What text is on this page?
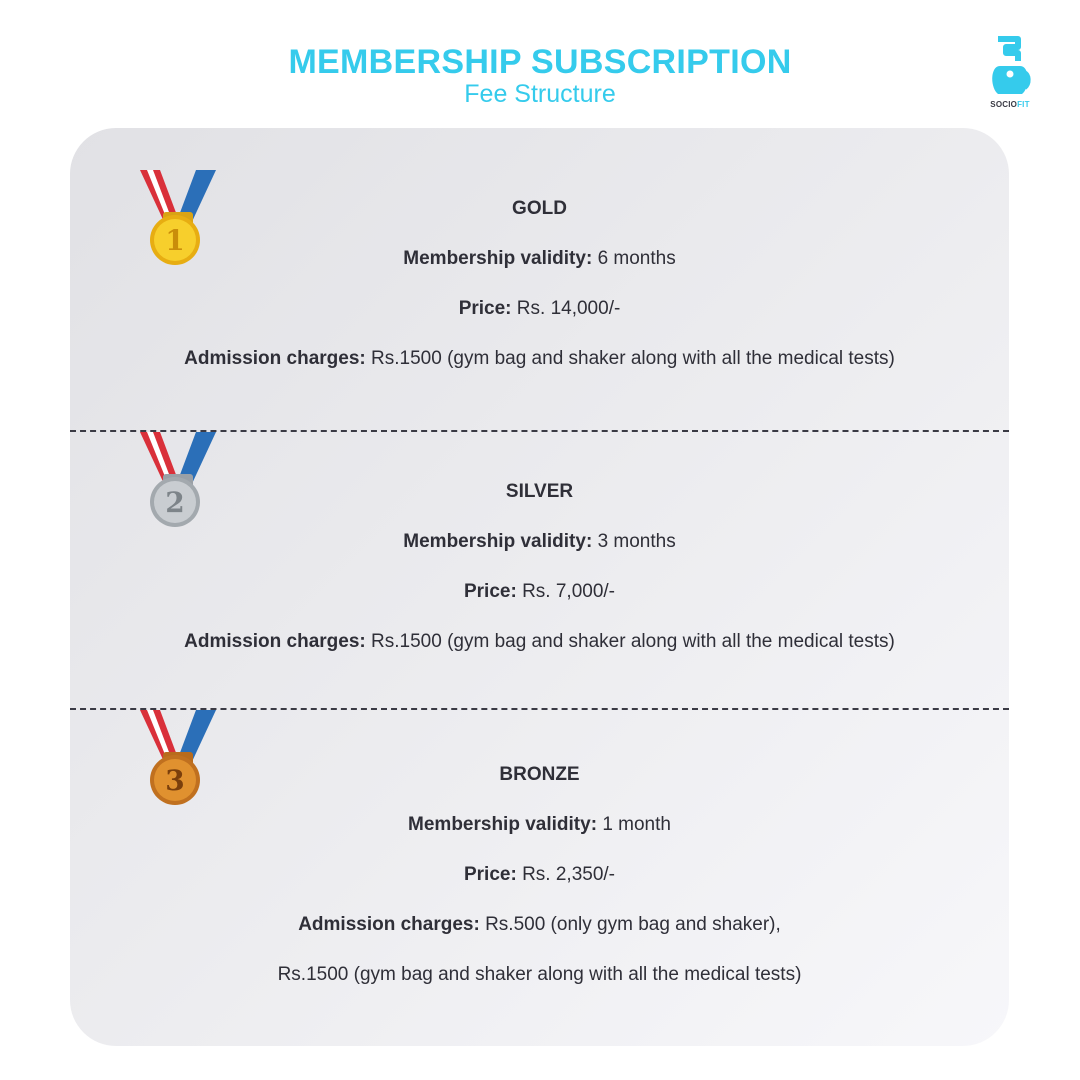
MEMBERSHIP SUBSCRIPTION
Fee Structure	SOCIOFIT
1
GOLD
Membership validity: 6 months
Price: Rs. 14,000/-
Admission charges: Rs.1500 (gym bag and shaker along with all the medical tests)
2	SILVER
Membership validity: 3 months
Price: Rs. 7,000/-
Admission charges: Rs.1500 (gym bag and shaker along with all the medical tests)
3	BRONZE
Membership validity: 1 month
Price: Rs. 2,350/-
Admission charges: Rs.500 (only gym bag and shaker),
Rs.1500 (gym bag and shaker along with all the medical tests)
